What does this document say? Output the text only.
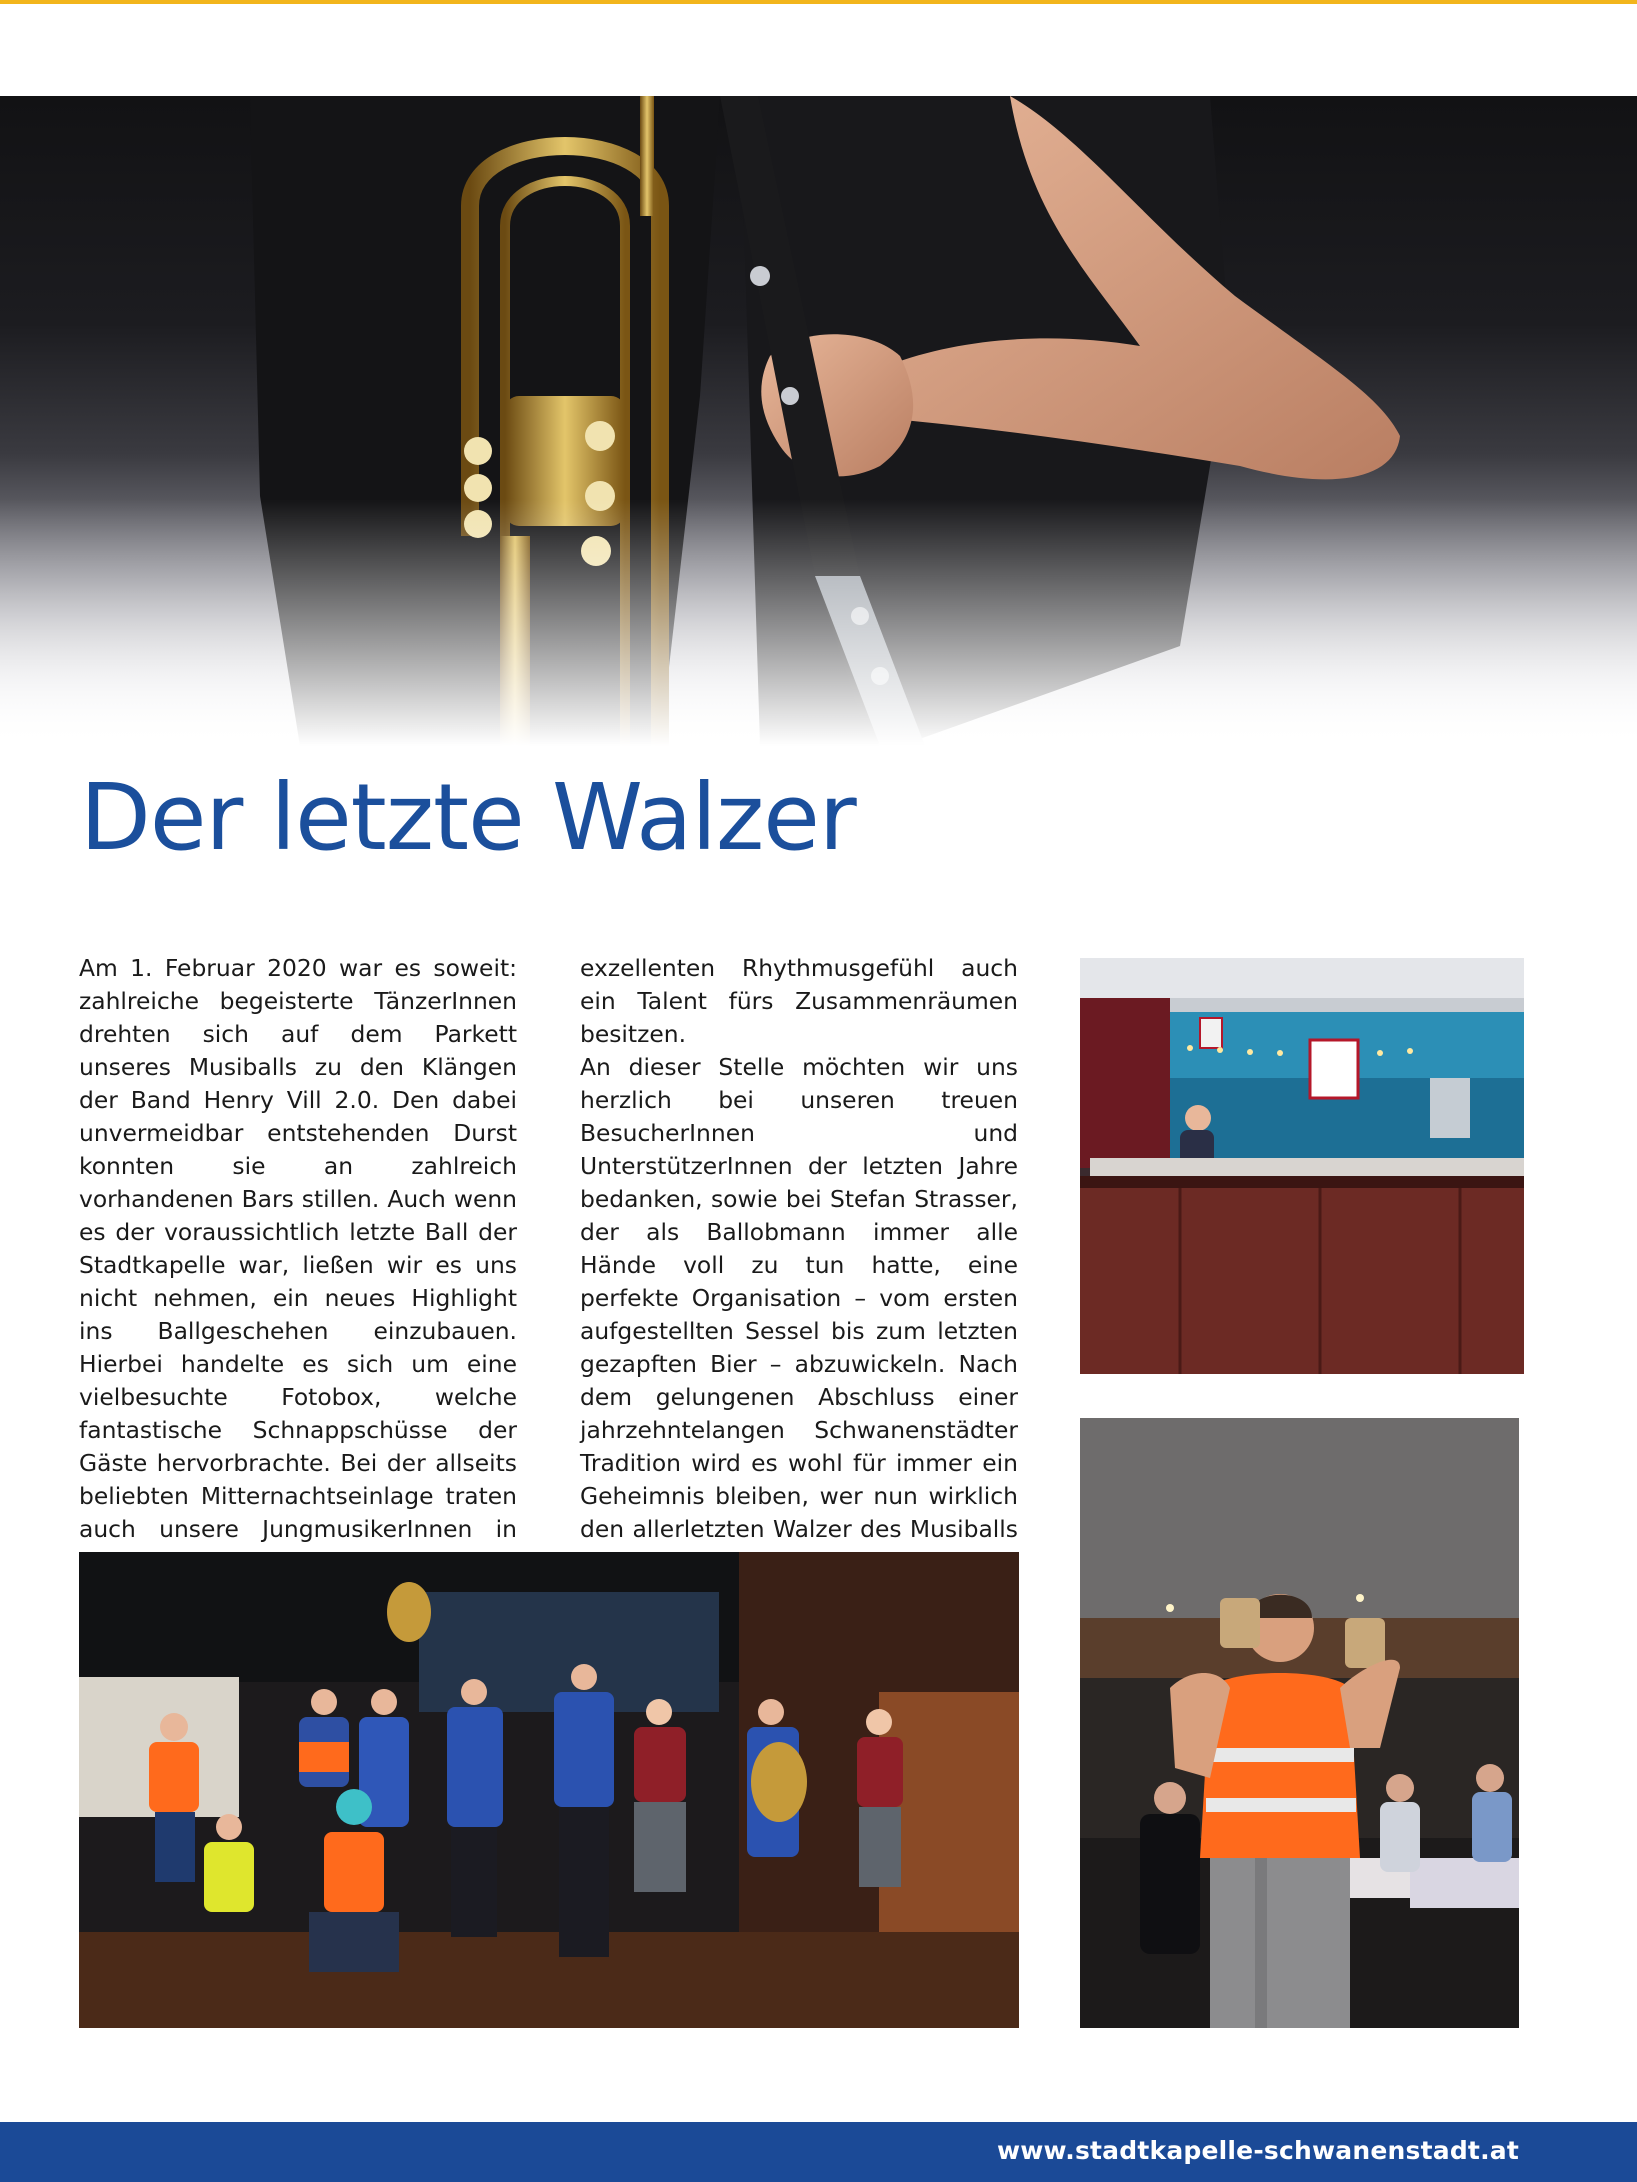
Der letzte Walzer

Am 1. Februar 2020 war es soweit: zahlreiche begeisterte TänzerInnen drehten sich auf dem Parkett unseres Musiballs zu den Klängen der Band Henry Vill 2.0. Den dabei unvermeidbar entstehenden Durst konnten sie an zahlreich vorhandenen Bars stillen. Auch wenn es der voraussichtlich letzte Ball der Stadtkapelle war, ließen wir es uns nicht nehmen, ein neues Highlight ins Ballgeschehen einzubauen. Hierbei handelte es sich um eine vielbesuchte Fotobox, welche fantastische Schnappschüsse der Gäste hervorbrachte. Bei der allseits beliebten Mitternachtseinlage traten auch unsere JungmusikerInnen in

exzellenten Rhythmusgefühl auch ein Talent fürs Zusammenräumen besitzen.

An dieser Stelle möchten wir uns herzlich bei unseren treuen BesucherInnen und UnterstützerInnen der letzten Jahre bedanken, sowie bei Stefan Strasser, der als Ballobmann immer alle Hände voll zu tun hatte, eine perfekte Organisation – vom ersten aufgestellten Sessel bis zum letzten gezapften Bier – abzuwickeln. Nach dem gelungenen Abschluss einer jahrzehntelangen Schwanenstädter Tradition wird es wohl für immer ein Geheimnis bleiben, wer nun wirklich den allerletzten Walzer des Musiballs

www.stadtkapelle-schwanenstadt.at
